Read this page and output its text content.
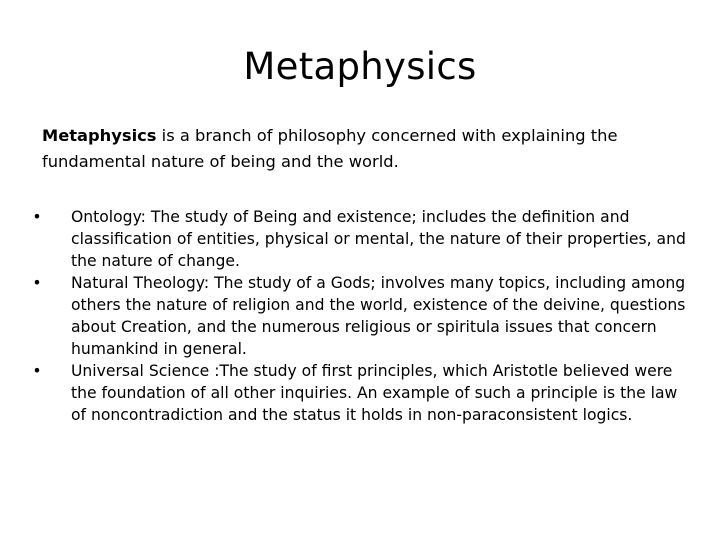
Metaphysics

Metaphysics is a branch of philosophy concerned with explaining the fundamental nature of being and the world.

• Ontology: The study of Being and existence; includes the definition and classification of entities, physical or mental, the nature of their properties, and the nature of change.
• Natural Theology: The study of a Gods; involves many topics, including among others the nature of religion and the world, existence of the deivine, questions about Creation, and the numerous religious or spiritula issues that concern humankind in general.
• Universal Science :The study of first principles, which Aristotle believed were the foundation of all other inquiries. An example of such a principle is the law of noncontradiction and the status it holds in non-paraconsistent logics.
